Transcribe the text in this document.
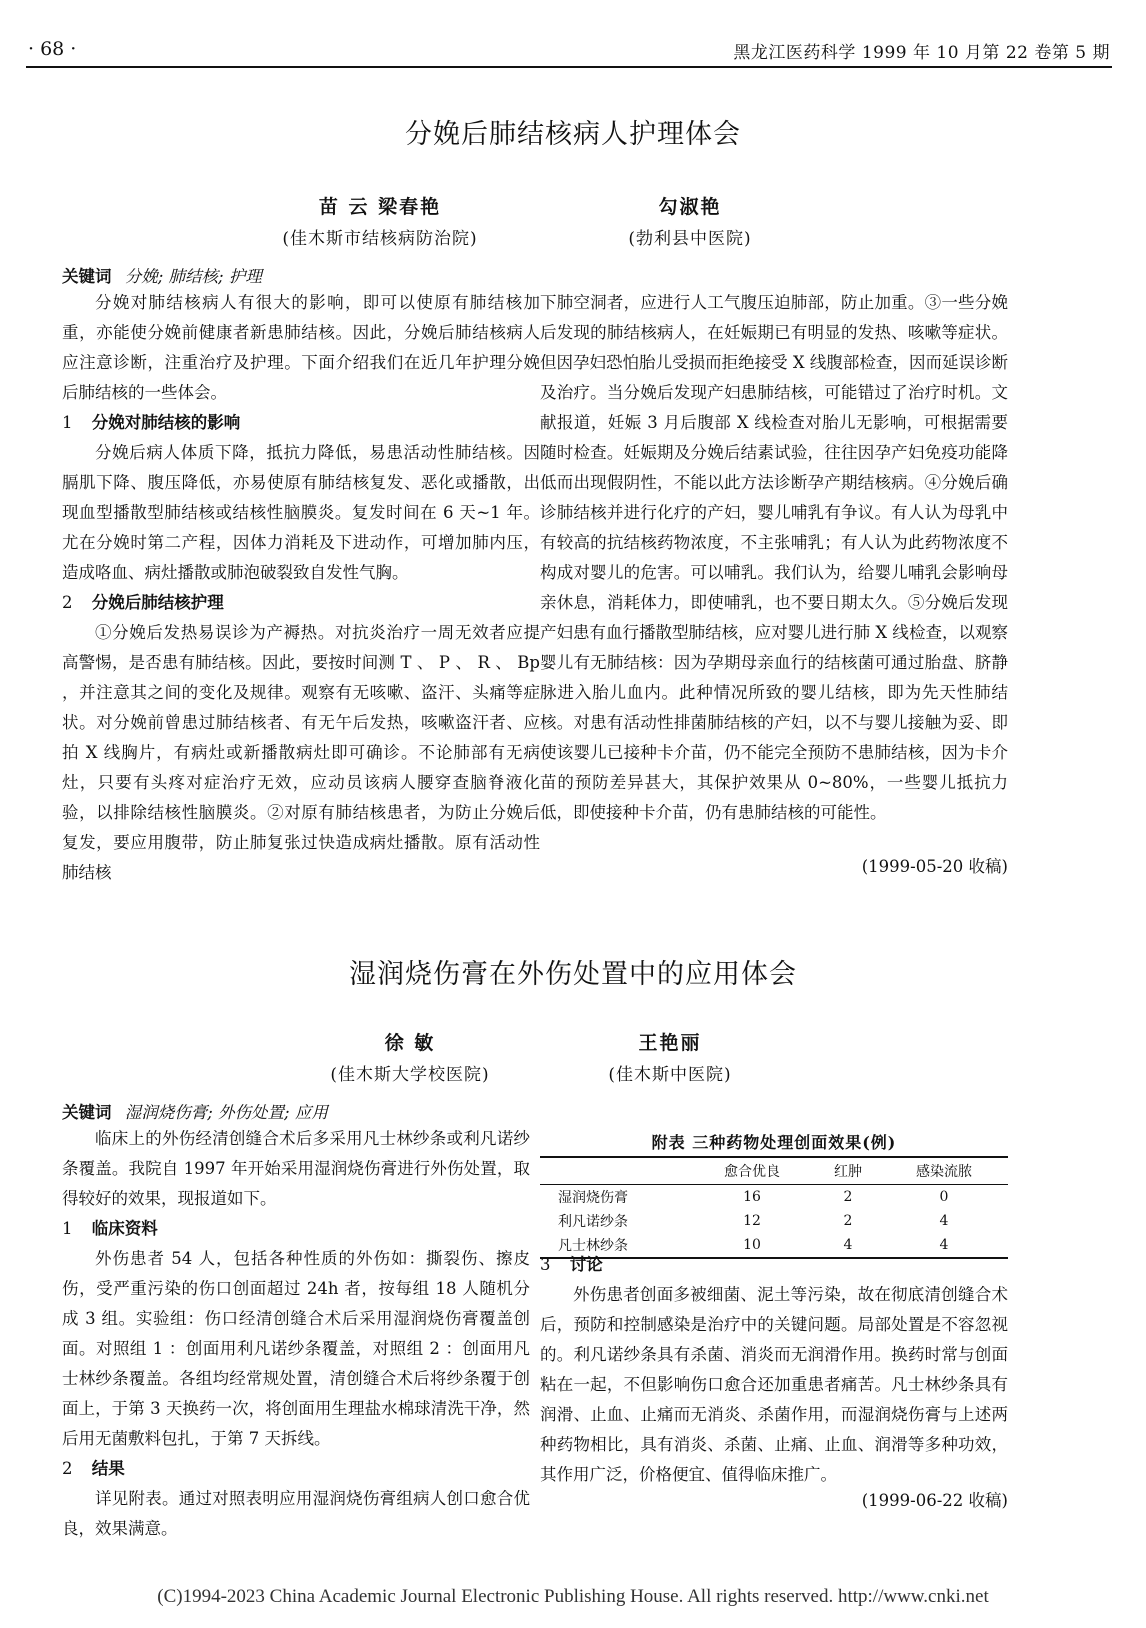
· 68 ·	黑龙江医药科学 1999 年 10 月第 22 卷第 5 期
分娩后肺结核病人护理体会
苗 云 梁春艳
(佳木斯市结核病防治院)
勾淑艳
(勃利县中医院)
关键词 分娩; 肺结核; 护理

分娩对肺结核病人有很大的影响，即可以使原有肺结核加重，亦能使分娩前健康者新患肺结核。因此，分娩后肺结核病人应注意诊断，注重治疗及护理。下面介绍我们在近几年护理分娩后肺结核的一些体会。

1 分娩对肺结核的影响

分娩后病人体质下降，抵抗力降低，易患活动性肺结核。因膈肌下降、腹压降低，亦易使原有肺结核复发、恶化或播散，出现血型播散型肺结核或结核性脑膜炎。复发时间在 6 天~1 年。尤在分娩时第二产程，因体力消耗及下进动作，可增加肺内压，造成咯血、病灶播散或肺泡破裂致自发性气胸。

2 分娩后肺结核护理

①分娩后发热易误诊为产褥热。对抗炎治疗一周无效者应提高警惕，是否患有肺结核。因此，要按时间测 T 、 P 、 R 、 Bp ，并注意其之间的变化及规律。观察有无咳嗽、盗汗、头痛等症状。对分娩前曾患过肺结核者、有无午后发热，咳嗽盗汗者、应拍 X 线胸片，有病灶或新播散病灶即可确诊。不论肺部有无病灶，只要有头疼对症治疗无效，应动员该病人腰穿查脑脊液化验，以排除结核性脑膜炎。②对原有肺结核患者，为防止分娩后复发，要应用腹带，防止肺复张过快造成病灶播散。原有活动性肺结核

下肺空洞者，应进行人工气腹压迫肺部，防止加重。③一些分娩后发现的肺结核病人，在妊娠期已有明显的发热、咳嗽等症状。但因孕妇恐怕胎儿受损而拒绝接受 X 线腹部检查，因而延误诊断及治疗。当分娩后发现产妇患肺结核，可能错过了治疗时机。文献报道，妊娠 3 月后腹部 X 线检查对胎儿无影响，可根据需要随时检查。妊娠期及分娩后结素试验，往往因孕产妇免疫功能降低而出现假阴性，不能以此方法诊断孕产期结核病。④分娩后确诊肺结核并进行化疗的产妇，婴儿哺乳有争议。有人认为母乳中有较高的抗结核药物浓度，不主张哺乳；有人认为此药物浓度不构成对婴儿的危害。可以哺乳。我们认为，给婴儿哺乳会影响母亲休息，消耗体力，即使哺乳，也不要日期太久。⑤分娩后发现产妇患有血行播散型肺结核，应对婴儿进行肺 X 线检查，以观察婴儿有无肺结核：因为孕期母亲血行的结核菌可通过胎盘、脐静脉进入胎儿血内。此种情况所致的婴儿结核，即为先天性肺结核。对患有活动性排菌肺结核的产妇，以不与婴儿接触为妥、即使该婴儿已接种卡介苗，仍不能完全预防不患肺结核，因为卡介苗的预防差异甚大，其保护效果从 0~80%，一些婴儿抵抗力低，即使接种卡介苗，仍有患肺结核的可能性。

(1999-05-20 收稿)

湿润烧伤膏在外伤处置中的应用体会
徐 敏
(佳木斯大学校医院)
王艳丽
(佳木斯中医院)
关键词 湿润烧伤膏; 外伤处置; 应用

临床上的外伤经清创缝合术后多采用凡士林纱条或利凡诺纱条覆盖。我院自 1997 年开始采用湿润烧伤膏进行外伤处置，取得较好的效果，现报道如下。

1 临床资料

外伤患者 54 人，包括各种性质的外伤如：撕裂伤、擦皮伤，受严重污染的伤口创面超过 24h 者，按每组 18 人随机分成 3 组。实验组：伤口经清创缝合术后采用湿润烧伤膏覆盖创面。对照组 1 ：创面用利凡诺纱条覆盖，对照组 2 ：创面用凡士林纱条覆盖。各组均经常规处置，清创缝合术后将纱条覆于创面上，于第 3 天换药一次，将创面用生理盐水棉球清洗干净，然后用无菌敷料包扎，于第 7 天拆线。

2 结果

详见附表。通过对照表明应用湿润烧伤膏组病人创口愈合优良，效果满意。

附表 三种药物处理创面效果(例)
	愈合优良	红肿	感染流脓
湿润烧伤膏	16	2	0
利凡诺纱条	12	2	4
凡士林纱条	10	4	4

3 讨论

外伤患者创面多被细菌、泥土等污染，故在彻底清创缝合术后，预防和控制感染是治疗中的关键问题。局部处置是不容忽视的。利凡诺纱条具有杀菌、消炎而无润滑作用。换药时常与创面粘在一起，不但影响伤口愈合还加重患者痛苦。凡士林纱条具有润滑、止血、止痛而无消炎、杀菌作用，而湿润烧伤膏与上述两种药物相比，具有消炎、杀菌、止痛、止血、润滑等多种功效，其作用广泛，价格便宜、值得临床推广。

(1999-06-22 收稿)

(C)1994-2023 China Academic Journal Electronic Publishing House. All rights reserved. http://www.cnki.net
